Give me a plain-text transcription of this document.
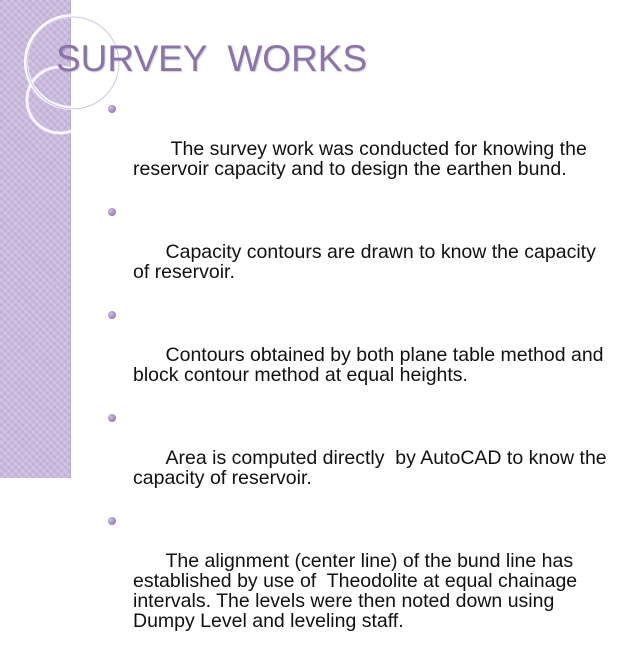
SURVEY  WORKS

The survey work was conducted for knowing the reservoir capacity and to design the earthen bund.

Capacity contours are drawn to know the capacity of reservoir.

Contours obtained by both plane table method and block contour method at equal heights.

Area is computed directly  by AutoCAD to know the capacity of reservoir.

The alignment (center line) of the bund line has established by use of  Theodolite at equal chainage intervals. The levels were then noted down using Dumpy Level and leveling staff.
